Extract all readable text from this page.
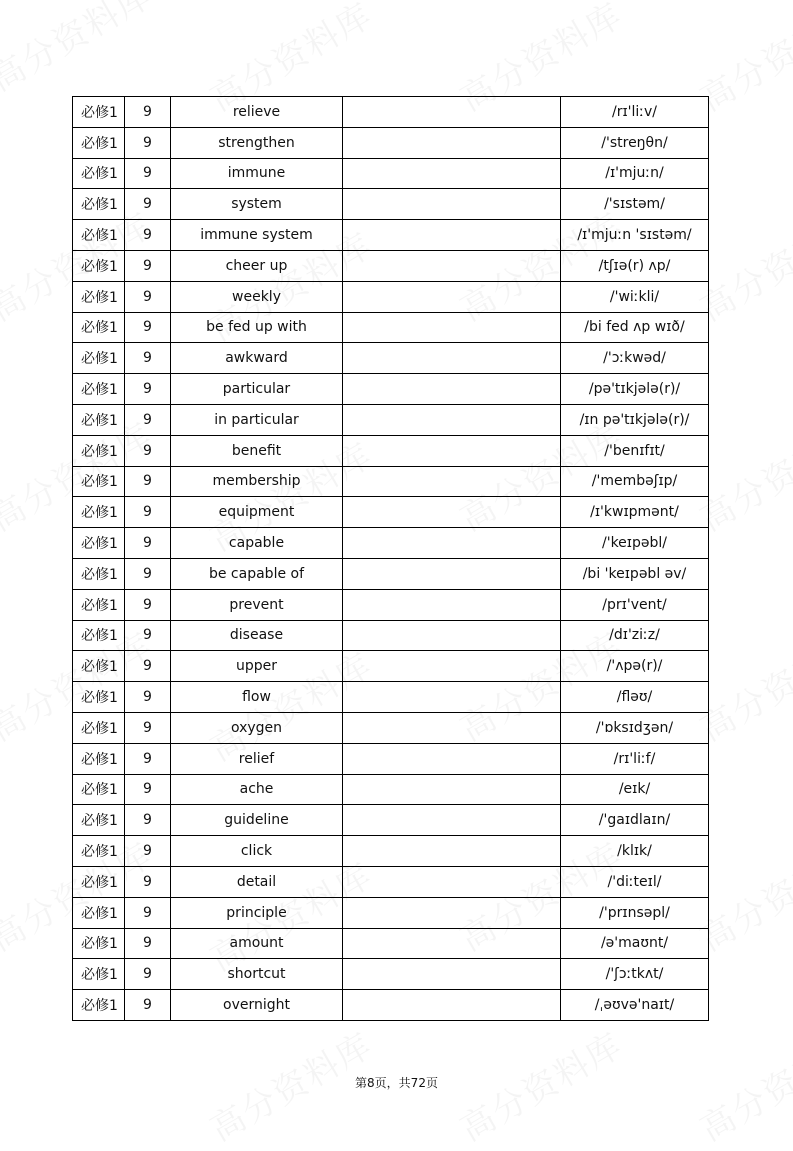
必修1	9	relieve		/rɪ'liːv/
必修1	9	strengthen		/'streŋθn/
必修1	9	immune		/ɪ'mjuːn/
必修1	9	system		/'sɪstəm/
必修1	9	immune system		/ɪ'mjuːn 'sɪstəm/
必修1	9	cheer up		/tʃɪə(r) ʌp/
必修1	9	weekly		/'wiːkli/
必修1	9	be fed up with		/bi fed ʌp wɪð/
必修1	9	awkward		/'ɔːkwəd/
必修1	9	particular		/pə'tɪkjələ(r)/
必修1	9	in particular		/ɪn pə'tɪkjələ(r)/
必修1	9	benefit		/'benɪfɪt/
必修1	9	membership		/'membəʃɪp/
必修1	9	equipment		/ɪ'kwɪpmənt/
必修1	9	capable		/'keɪpəbl/
必修1	9	be capable of		/bi 'keɪpəbl əv/
必修1	9	prevent		/prɪ'vent/
必修1	9	disease		/dɪ'ziːz/
必修1	9	upper		/'ʌpə(r)/
必修1	9	flow		/fləʊ/
必修1	9	oxygen		/'ɒksɪdʒən/
必修1	9	relief		/rɪ'liːf/
必修1	9	ache		/eɪk/
必修1	9	guideline		/'gaɪdlaɪn/
必修1	9	click		/klɪk/
必修1	9	detail		/'diːteɪl/
必修1	9	principle		/'prɪnsəpl/
必修1	9	amount		/ə'maʊnt/
必修1	9	shortcut		/'ʃɔːtkʌt/
必修1	9	overnight		/ˌəʊvə'naɪt/
第8页，共72页
